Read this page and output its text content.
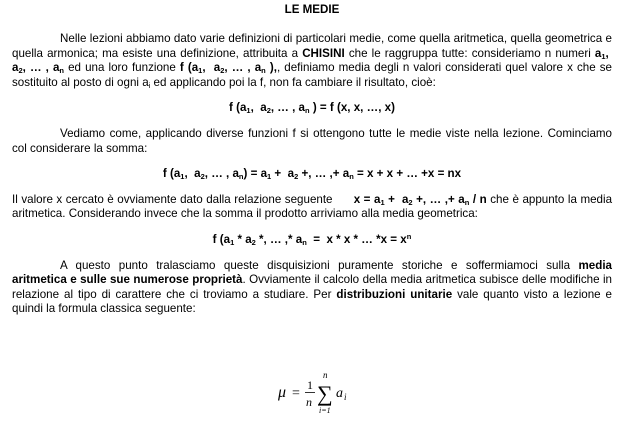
LE MEDIE

Nelle lezioni abbiamo dato varie definizioni di particolari medie, come quella aritmetica, quella geometrica e quella armonica; ma esiste una definizione, attribuita a CHISINI che le raggruppa tutte: consideriamo n numeri $a_1$,  $a_2$, … , $a_n$ ed una loro funzione f ($a_1$,  $a_2$, … , $a_n$ ),, definiamo media degli n valori considerati quel valore x che se sostituito al posto di ogni $a_i$ ed applicando poi la f, non fa cambiare il risultato, cioè:

f ($a_1$,  $a_2$, … , $a_n$ ) = f (x, x, …, x)

Vediamo come, applicando diverse funzioni f si ottengono tutte le medie viste nella lezione. Cominciamo col considerare la somma:

f ($a_1$,  $a_2$, … , $a_n) = a_1 + a_2$ +, … ,+ $a_n = x + x$ + … +x = nx

Il valore x cercato è ovviamente dato dalla relazione seguente $x = a_1 + a_2$ +, … ,+ $a_n$ / n che è appunto la media aritmetica. Considerando invece che la somma il prodotto arriviamo alla media geometrica:

f ($a_1 * a_2$ *, … ,* $a_n = x * x$ * … $*x = x^n$

A questo punto tralasciamo queste disquisizioni puramente storiche e soffermiamoci sulla media aritmetica e sulle sue numerose proprietà. Ovviamente il calcolo della media aritmetica subisce delle modifiche in relazione al tipo di carattere che ci troviamo a studiare. Per distribuzioni unitarie vale quanto visto a lezione e quindi la formula classica seguente:

μ =
1
n
n
∑
i=1
a i
